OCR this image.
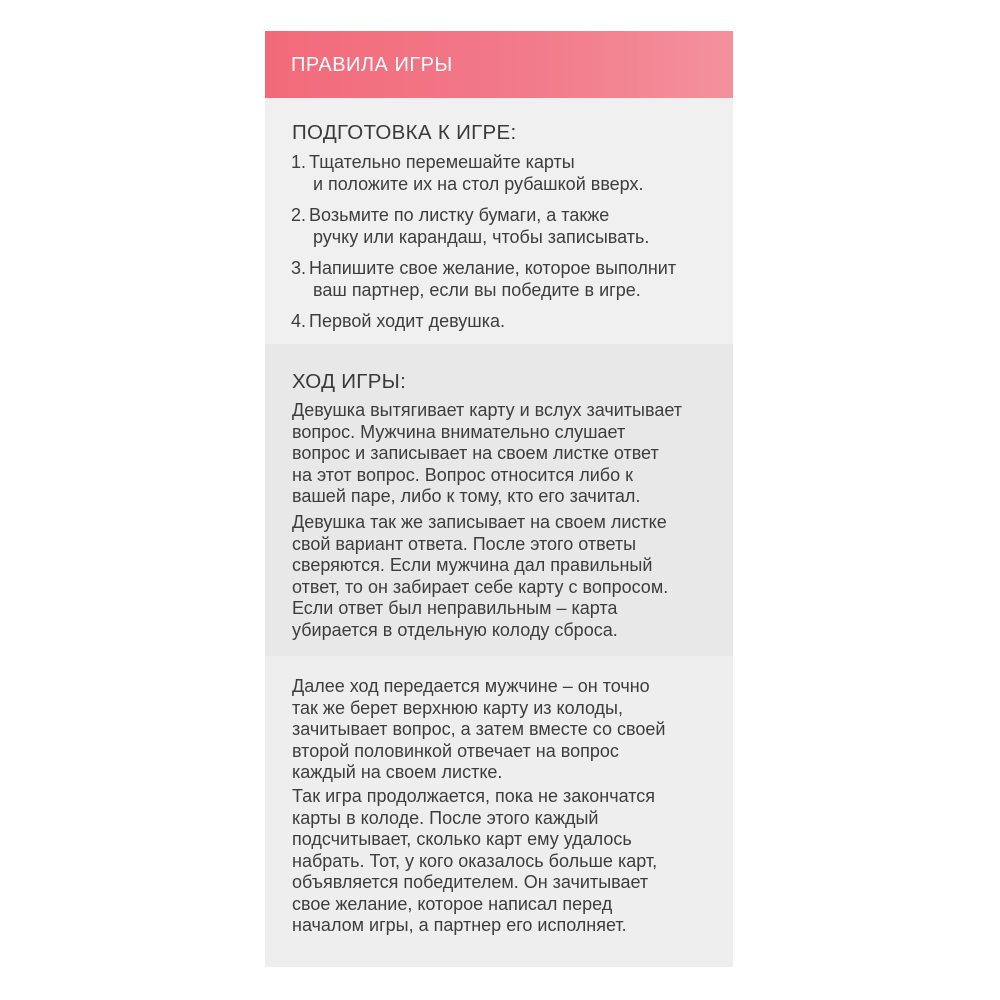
ПРАВИЛА ИГРЫ
ПОДГОТОВКА К ИГРЕ:
1. Тщательно перемешайте карты
и положите их на стол рубашкой вверх.
2. Возьмите по листку бумаги, а также
ручку или карандаш, чтобы записывать.
3. Напишите свое желание, которое выполнит
ваш партнер, если вы победите в игре.
4. Первой ходит девушка.
ХОД ИГРЫ:

Девушка вытягивает карту и вслух зачитывает
вопрос. Мужчина внимательно слушает
вопрос и записывает на своем листке ответ
на этот вопрос. Вопрос относится либо к
вашей паре, либо к тому, кто его зачитал.

Девушка так же записывает на своем листке
свой вариант ответа. После этого ответы
сверяются. Если мужчина дал правильный
ответ, то он забирает себе карту с вопросом.
Если ответ был неправильным – карта
убирается в отдельную колоду сброса.

Далее ход передается мужчине – он точно
так же берет верхнюю карту из колоды,
зачитывает вопрос, а затем вместе со своей
второй половинкой отвечает на вопрос
каждый на своем листке.

Так игра продолжается, пока не закончатся
карты в колоде. После этого каждый
подсчитывает, сколько карт ему удалось
набрать. Тот, у кого оказалось больше карт,
объявляется победителем. Он зачитывает
свое желание, которое написал перед
началом игры, а партнер его исполняет.
